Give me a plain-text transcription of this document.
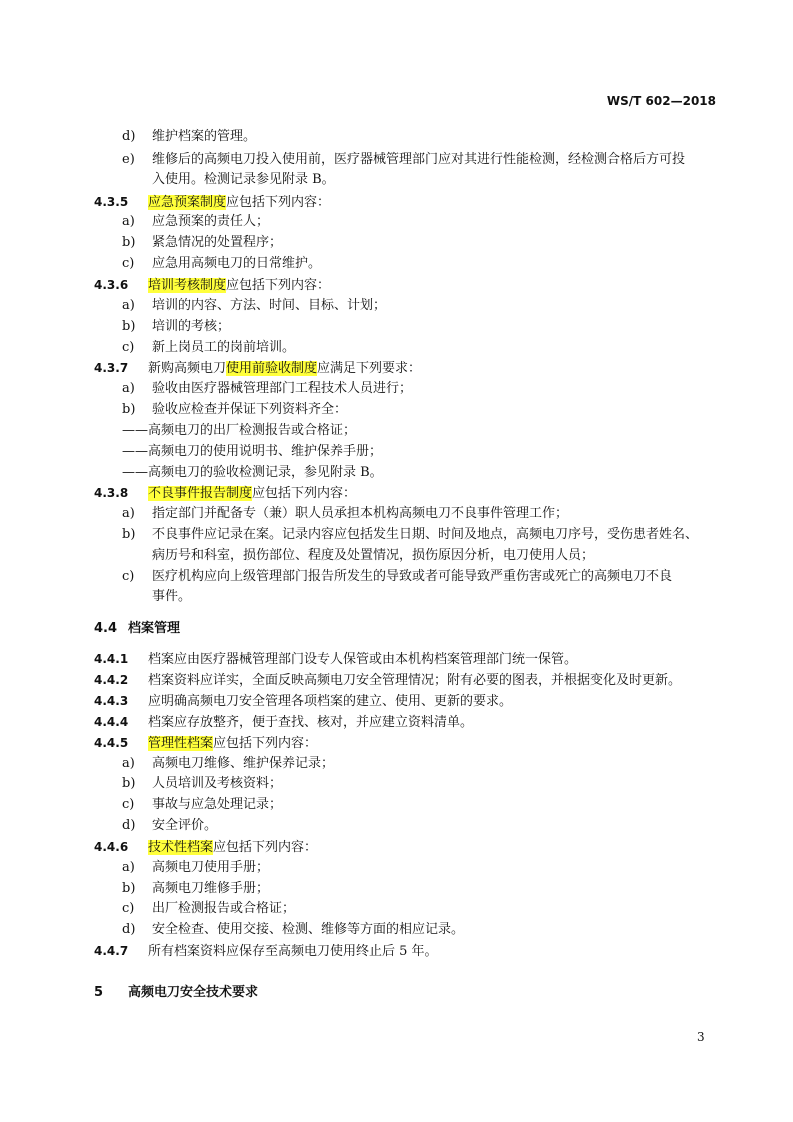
WS/T 602—2018
d) 维护档案的管理。
e) 维修后的高频电刀投入使用前，医疗器械管理部门应对其进行性能检测，经检测合格后方可投
入使用。检测记录参见附录 B。
4.3.5 应急预案制度应包括下列内容：
a) 应急预案的责任人；
b) 紧急情况的处置程序；
c) 应急用高频电刀的日常维护。
4.3.6 培训考核制度应包括下列内容：
a) 培训的内容、方法、时间、目标、计划；
b) 培训的考核；
c) 新上岗员工的岗前培训。
4.3.7 新购高频电刀使用前验收制度应满足下列要求：
a) 验收由医疗器械管理部门工程技术人员进行；
b) 验收应检查并保证下列资料齐全：
——高频电刀的出厂检测报告或合格证；
——高频电刀的使用说明书、维护保养手册；
——高频电刀的验收检测记录，参见附录 B。
4.3.8 不良事件报告制度应包括下列内容：
a) 指定部门并配备专（兼）职人员承担本机构高频电刀不良事件管理工作；
b) 不良事件应记录在案。记录内容应包括发生日期、时间及地点，高频电刀序号，受伤患者姓名、
病历号和科室，损伤部位、程度及处置情况，损伤原因分析，电刀使用人员；
c) 医疗机构应向上级管理部门报告所发生的导致或者可能导致严重伤害或死亡的高频电刀不良
事件。
4.4 档案管理
4.4.1 档案应由医疗器械管理部门设专人保管或由本机构档案管理部门统一保管。
4.4.2 档案资料应详实，全面反映高频电刀安全管理情况；附有必要的图表，并根据变化及时更新。
4.4.3 应明确高频电刀安全管理各项档案的建立、使用、更新的要求。
4.4.4 档案应存放整齐，便于查找、核对，并应建立资料清单。
4.4.5 管理性档案应包括下列内容：
a) 高频电刀维修、维护保养记录；
b) 人员培训及考核资料；
c) 事故与应急处理记录；
d) 安全评价。
4.4.6 技术性档案应包括下列内容：
a) 高频电刀使用手册；
b) 高频电刀维修手册；
c) 出厂检测报告或合格证；
d) 安全检查、使用交接、检测、维修等方面的相应记录。
4.4.7 所有档案资料应保存至高频电刀使用终止后 5 年。
5 高频电刀安全技术要求
3
